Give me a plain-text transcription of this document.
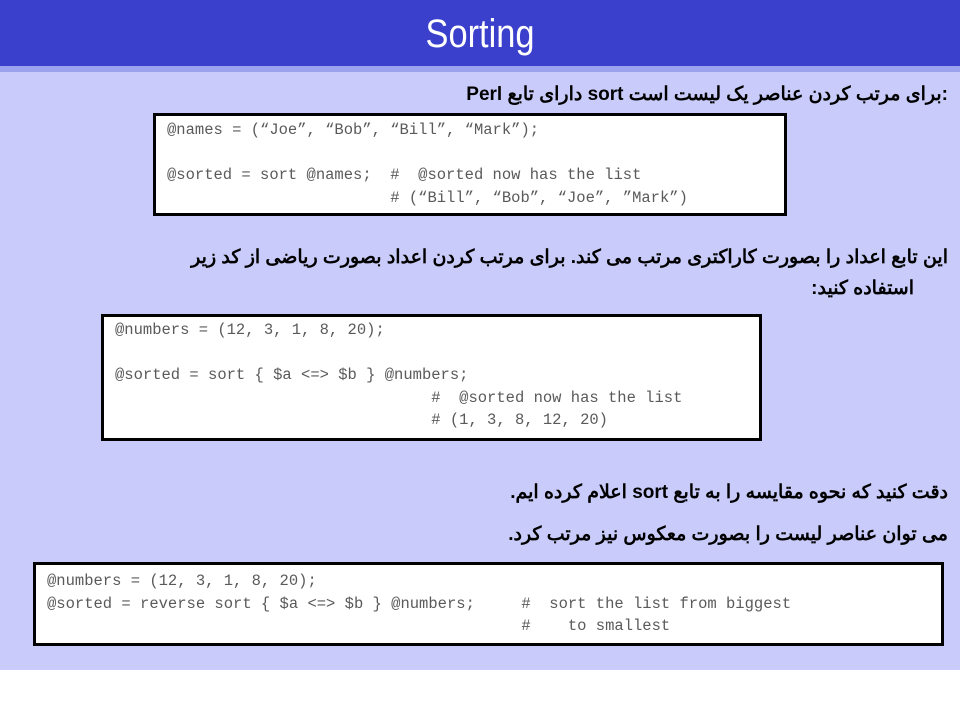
Sorting
Perl دارای تابع sort برای مرتب کردن عناصر یک لیست است:
@names = (“Joe”, “Bob”, “Bill”, “Mark”);

@sorted = sort @names;  #  @sorted now has the list
# (“Bill”, “Bob”, “Joe”, ”Mark”)
این تابع اعداد را بصورت کاراکتری مرتب می کند. برای مرتب کردن اعداد بصورت ریاضی از کد زیر
استفاده کنید:
@numbers = (12, 3, 1, 8, 20);

@sorted = sort { $a <=> $b } @numbers;
#  @sorted now has the list
# (1, 3, 8, 12, 20)
دقت کنید که نحوه مقایسه را به تابع sort اعلام کرده ایم.
می توان عناصر لیست را بصورت معکوس نیز مرتب کرد.
@numbers = (12, 3, 1, 8, 20);
@sorted = reverse sort { $a <=> $b } @numbers;     #  sort the list from biggest
#    to smallest
